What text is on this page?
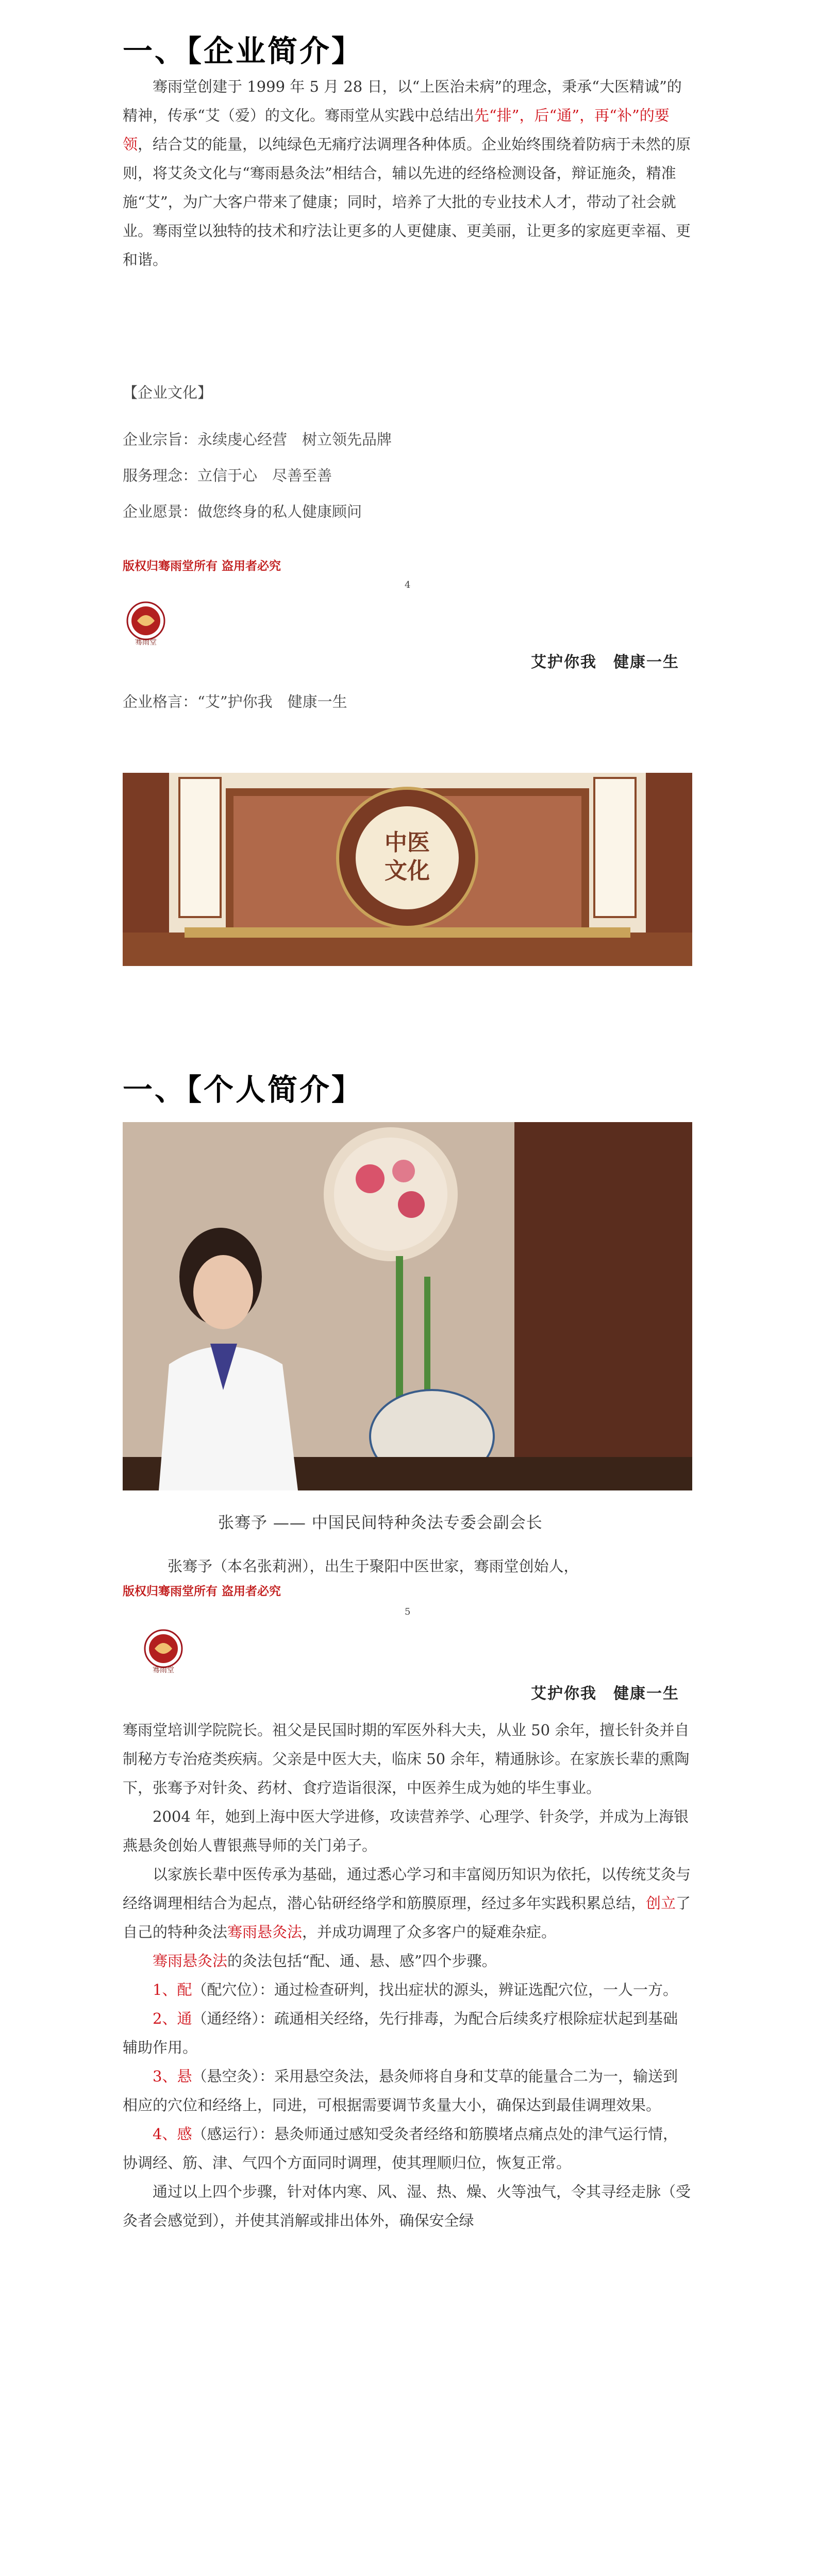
一、【企业简介】
骞雨堂创建于 1999 年 5 月 28 日，以“上医治未病”的理念，秉承“大医精诚”的精神，传承“艾（爱）的文化。骞雨堂从实践中总结出先“排”，后“通”，再“补”的要领，结合艾的能量，以纯绿色无痛疗法调理各种体质。企业始终围绕着防病于未然的原则，将艾灸文化与“骞雨悬灸法”相结合，辅以先进的经络检测设备，辩证施灸，精准施“艾”，为广大客户带来了健康；同时，培养了大批的专业技术人才，带动了社会就业。骞雨堂以独特的技术和疗法让更多的人更健康、更美丽，让更多的家庭更幸福、更和谐。
【企业文化】
企业宗旨：永续虔心经营　树立领先品牌
服务理念：立信于心　尽善至善
企业愿景：做您终身的私人健康顾问
版权归骞雨堂所有 盗用者必究
4
骞雨堂
艾护你我　健康一生
企业格言：“艾”护你我　健康一生
中医
文化
一、【个人简介】
张骞予 —— 中国民间特种灸法专委会副会长
张骞予（本名张莉洲），出生于聚阳中医世家，骞雨堂创始人，
版权归骞雨堂所有 盗用者必究
5
骞雨堂
艾护你我　健康一生
骞雨堂培训学院院长。祖父是民国时期的军医外科大夫，从业 50 余年，擅长针灸并自制秘方专治疮类疾病。父亲是中医大夫，临床 50 余年，精通脉诊。在家族长辈的熏陶下，张骞予对针灸、药材、食疗造诣很深，中医养生成为她的毕生事业。
2004 年，她到上海中医大学进修，攻读营养学、心理学、针灸学，并成为上海银燕悬灸创始人曹银燕导师的关门弟子。
以家族长辈中医传承为基础，通过悉心学习和丰富阅历知识为依托，以传统艾灸与经络调理相结合为起点，潜心钻研经络学和筋膜原理，经过多年实践积累总结，创立了自己的特种灸法骞雨悬灸法，并成功调理了众多客户的疑难杂症。
骞雨悬灸法的灸法包括“配、通、悬、感”四个步骤。
1、配（配穴位）：通过检查研判，找出症状的源头，辨证选配穴位，一人一方。
2、通（通经络）：疏通相关经络，先行排毒，为配合后续炙疗根除症状起到基础辅助作用。
3、悬（悬空灸）：采用悬空灸法，悬灸师将自身和艾草的能量合二为一，输送到相应的穴位和经络上，同进，可根据需要调节炙量大小，确保达到最佳调理效果。
4、感（感运行）：悬灸师通过感知受灸者经络和筋膜堵点痛点处的津气运行情，协调经、筋、津、气四个方面同时调理，使其理顺归位，恢复正常。
通过以上四个步骤，针对体内寒、风、湿、热、燥、火等浊气，令其寻经走脉（受灸者会感觉到），并使其消解或排出体外，确保安全绿
